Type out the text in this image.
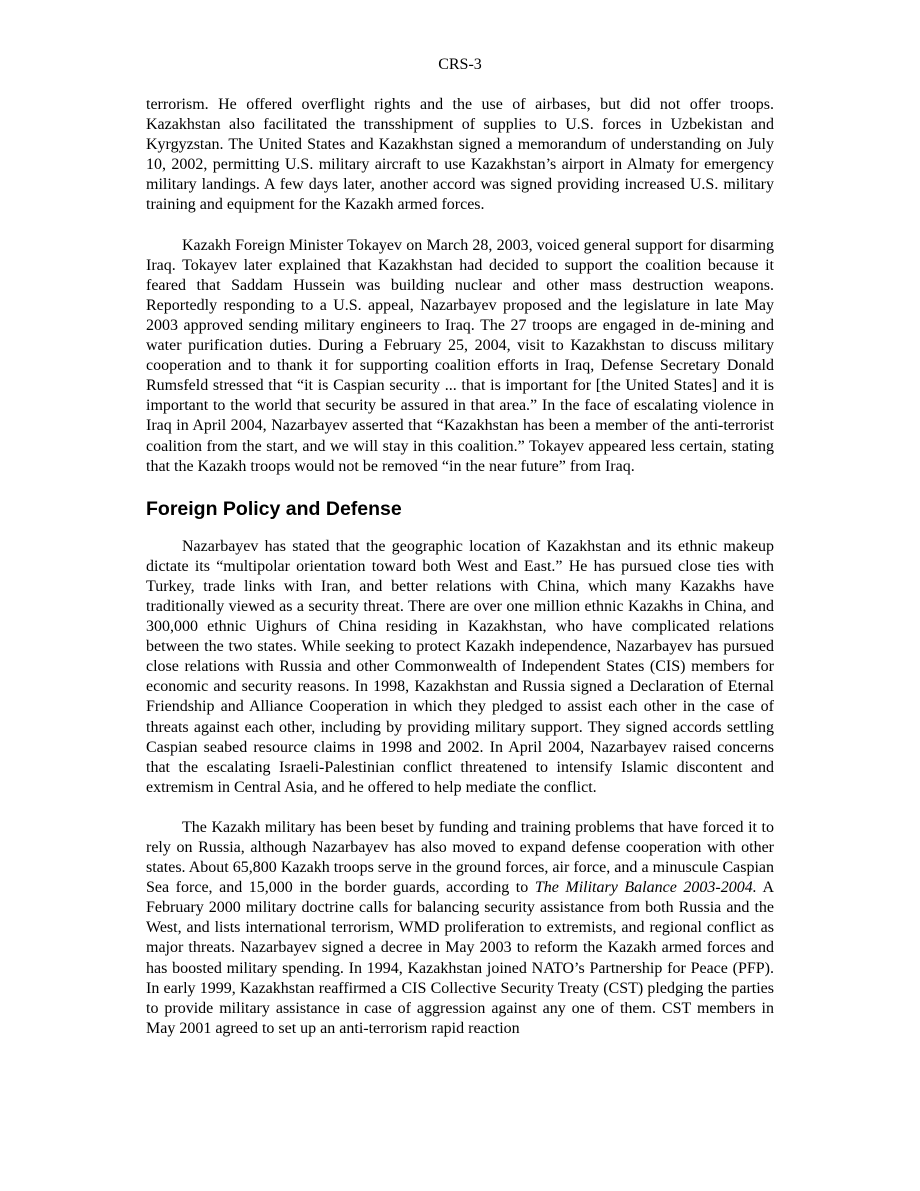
CRS-3

terrorism. He offered overflight rights and the use of airbases, but did not offer troops. Kazakhstan also facilitated the transshipment of supplies to U.S. forces in Uzbekistan and Kyrgyzstan. The United States and Kazakhstan signed a memorandum of understanding on July 10, 2002, permitting U.S. military aircraft to use Kazakhstan’s airport in Almaty for emergency military landings. A few days later, another accord was signed providing increased U.S. military training and equipment for the Kazakh armed forces.

Kazakh Foreign Minister Tokayev on March 28, 2003, voiced general support for disarming Iraq. Tokayev later explained that Kazakhstan had decided to support the coalition because it feared that Saddam Hussein was building nuclear and other mass destruction weapons. Reportedly responding to a U.S. appeal, Nazarbayev proposed and the legislature in late May 2003 approved sending military engineers to Iraq. The 27 troops are engaged in de-mining and water purification duties. During a February 25, 2004, visit to Kazakhstan to discuss military cooperation and to thank it for supporting coalition efforts in Iraq, Defense Secretary Donald Rumsfeld stressed that “it is Caspian security ... that is important for [the United States] and it is important to the world that security be assured in that area.” In the face of escalating violence in Iraq in April 2004, Nazarbayev asserted that “Kazakhstan has been a member of the anti-terrorist coalition from the start, and we will stay in this coalition.” Tokayev appeared less certain, stating that the Kazakh troops would not be removed “in the near future” from Iraq.

Foreign Policy and Defense

Nazarbayev has stated that the geographic location of Kazakhstan and its ethnic makeup dictate its “multipolar orientation toward both West and East.” He has pursued close ties with Turkey, trade links with Iran, and better relations with China, which many Kazakhs have traditionally viewed as a security threat. There are over one million ethnic Kazakhs in China, and 300,000 ethnic Uighurs of China residing in Kazakhstan, who have complicated relations between the two states. While seeking to protect Kazakh independence, Nazarbayev has pursued close relations with Russia and other Commonwealth of Independent States (CIS) members for economic and security reasons. In 1998, Kazakhstan and Russia signed a Declaration of Eternal Friendship and Alliance Cooperation in which they pledged to assist each other in the case of threats against each other, including by providing military support. They signed accords settling Caspian seabed resource claims in 1998 and 2002. In April 2004, Nazarbayev raised concerns that the escalating Israeli-Palestinian conflict threatened to intensify Islamic discontent and extremism in Central Asia, and he offered to help mediate the conflict.

The Kazakh military has been beset by funding and training problems that have forced it to rely on Russia, although Nazarbayev has also moved to expand defense cooperation with other states. About 65,800 Kazakh troops serve in the ground forces, air force, and a minuscule Caspian Sea force, and 15,000 in the border guards, according to The Military Balance 2003-2004. A February 2000 military doctrine calls for balancing security assistance from both Russia and the West, and lists international terrorism, WMD proliferation to extremists, and regional conflict as major threats. Nazarbayev signed a decree in May 2003 to reform the Kazakh armed forces and has boosted military spending. In 1994, Kazakhstan joined NATO’s Partnership for Peace (PFP). In early 1999, Kazakhstan reaffirmed a CIS Collective Security Treaty (CST) pledging the parties to provide military assistance in case of aggression against any one of them. CST members in May 2001 agreed to set up an anti-terrorism rapid reaction
